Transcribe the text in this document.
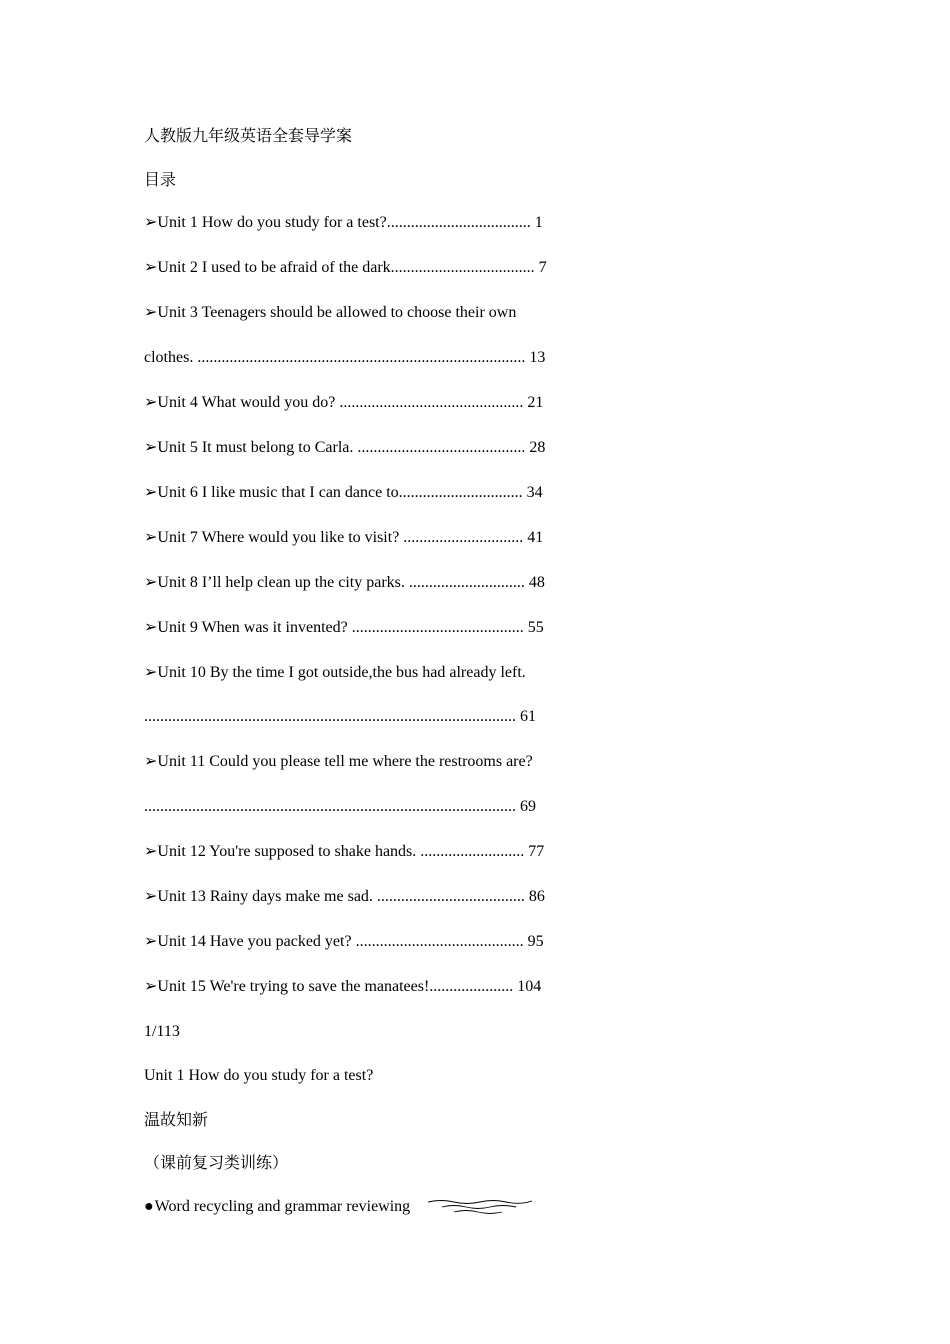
人教版九年级英语全套导学案
目录
➢Unit 1 How do you study for a test?.................................... 1
➢Unit 2 I used to be afraid of the dark.................................... 7
➢Unit 3 Teenagers should be allowed to choose their own
clothes. .................................................................................. 13
➢Unit 4 What would you do? .............................................. 21
➢Unit 5 It must belong to Carla. .......................................... 28
➢Unit 6 I like music that I can dance to............................... 34
➢Unit 7 Where would you like to visit? .............................. 41
➢Unit 8 I’ll help clean up the city parks. ............................. 48
➢Unit 9 When was it invented? ........................................... 55
➢Unit 10 By the time I got outside,the bus had already left.
............................................................................................. 61
➢Unit 11 Could you please tell me where the restrooms are?
............................................................................................. 69
➢Unit 12 You're supposed to shake hands. .......................... 77
➢Unit 13 Rainy days make me sad. ..................................... 86
➢Unit 14 Have you packed yet? .......................................... 95
➢Unit 15 We're trying to save the manatees!..................... 104
1/113
Unit 1 How do you study for a test?
温故知新
（课前复习类训练）
●Word recycling and grammar reviewing
